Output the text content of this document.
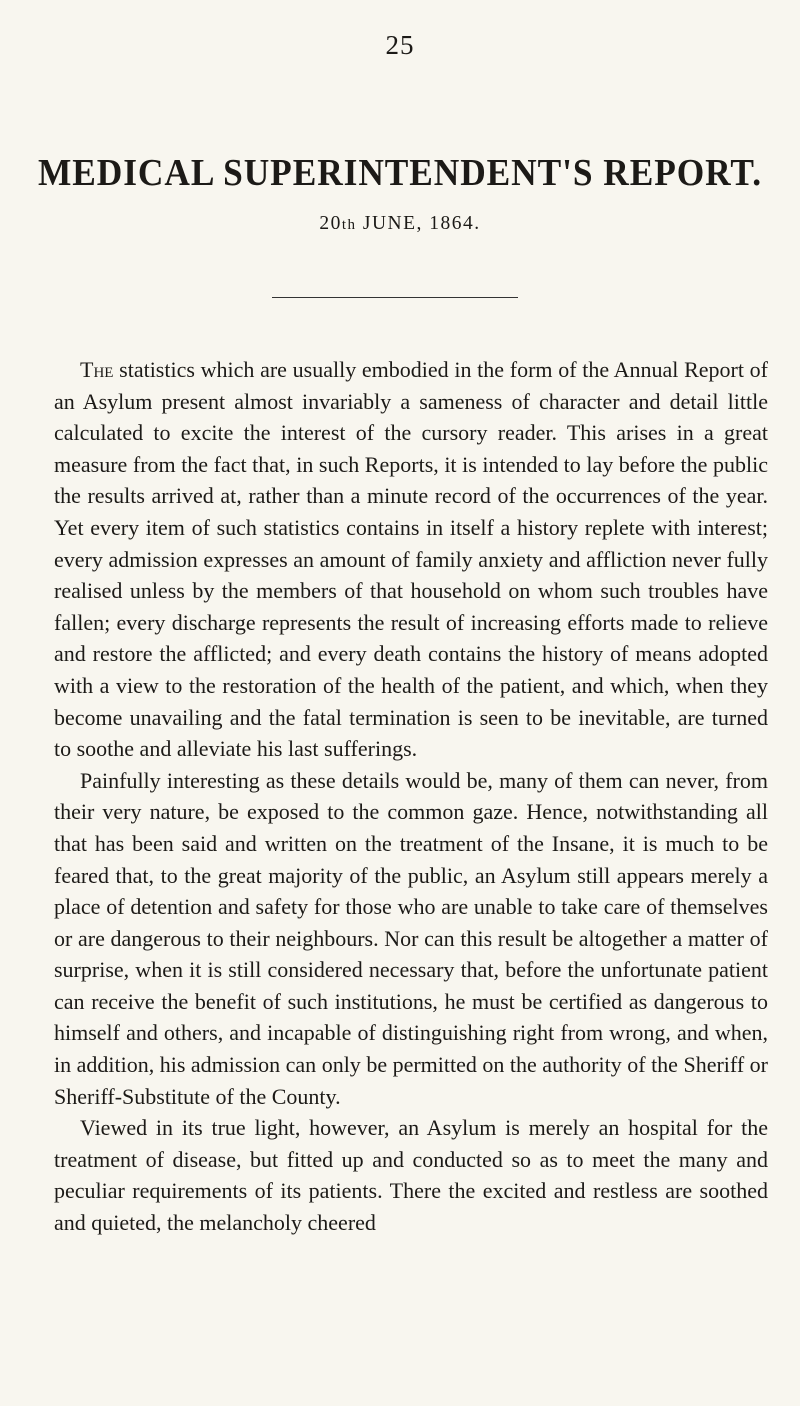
25
MEDICAL SUPERINTENDENT'S REPORT.
20th JUNE, 1864.

The statistics which are usually embodied in the form of the Annual Report of an Asylum present almost invariably a sameness of character and detail little calculated to excite the interest of the cursory reader. This arises in a great measure from the fact that, in such Reports, it is intended to lay before the public the results arrived at, rather than a minute record of the occurrences of the year. Yet every item of such statistics contains in itself a history replete with interest; every admission expresses an amount of family anxiety and affliction never fully realised unless by the members of that household on whom such troubles have fallen; every discharge represents the result of increasing efforts made to relieve and restore the afflicted; and every death contains the history of means adopted with a view to the restoration of the health of the patient, and which, when they become unavailing and the fatal termination is seen to be inevitable, are turned to soothe and alleviate his last sufferings.

Painfully interesting as these details would be, many of them can never, from their very nature, be exposed to the common gaze. Hence, notwithstanding all that has been said and written on the treatment of the Insane, it is much to be feared that, to the great majority of the public, an Asylum still appears merely a place of detention and safety for those who are unable to take care of themselves or are dangerous to their neighbours. Nor can this result be altogether a matter of surprise, when it is still considered necessary that, before the unfortunate patient can receive the benefit of such institutions, he must be certified as dangerous to himself and others, and incapable of distinguishing right from wrong, and when, in addition, his admission can only be permitted on the authority of the Sheriff or Sheriff-Substitute of the County.

Viewed in its true light, however, an Asylum is merely an hospital for the treatment of disease, but fitted up and conducted so as to meet the many and peculiar requirements of its patients. There the excited and restless are soothed and quieted, the melancholy cheered
